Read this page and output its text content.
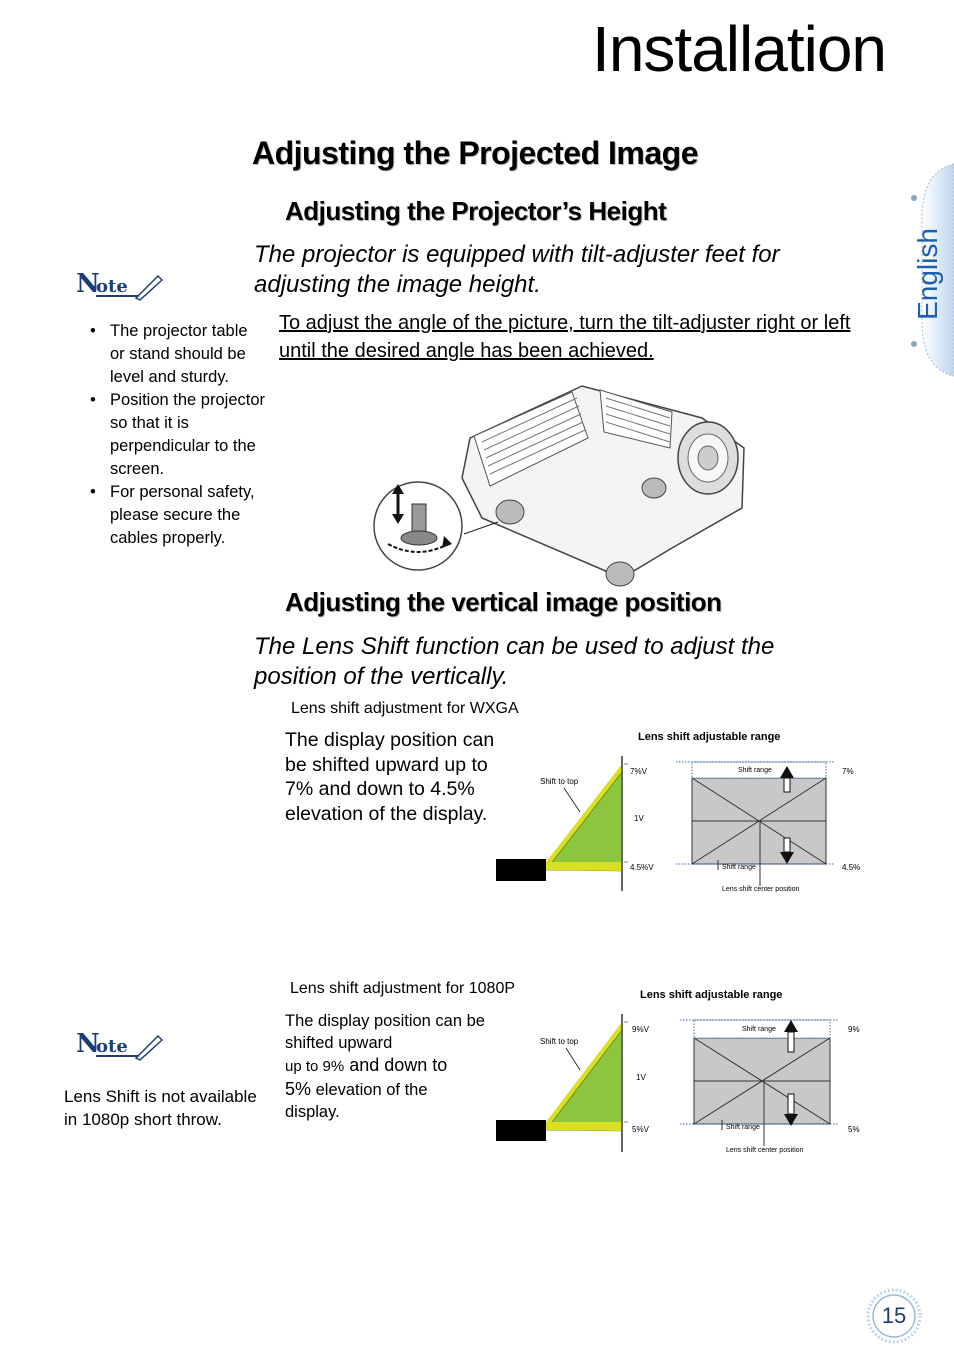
Installation
English
Adjusting the Projected Image
Adjusting the Projector’s Height
The projector is equipped with tilt-adjuster feet for adjusting the image height.
To adjust the angle of the picture, turn the tilt-adjuster right or left until the desired angle has been achieved.
N
ote
• The projector table or stand should be level and sturdy.
• Position the projector so that it is perpendicular to the screen.
• For personal safety, please secure the cables properly.
Adjusting the vertical image position
The Lens Shift function can be used to adjust the position of the vertically.
Lens shift adjustment for WXGA
The display position can be shifted upward up to 7% and down to 4.5% elevation of the display.
Lens shift adjustable range
Shift to top
7%V
1V
4.5%V
Shift range
Shift range
7%
4.5%
Lens shift center position
Lens shift adjustment for 1080P
The display position can be shifted upward
up to 9% and down to
5% elevation of the display.
Lens shift adjustable range
Shift to top
9%V
1V
5%V
Shift range
Shift range
9%
5%
Lens shift center position
N
ote
Lens Shift is not available in 1080p short throw.
15
